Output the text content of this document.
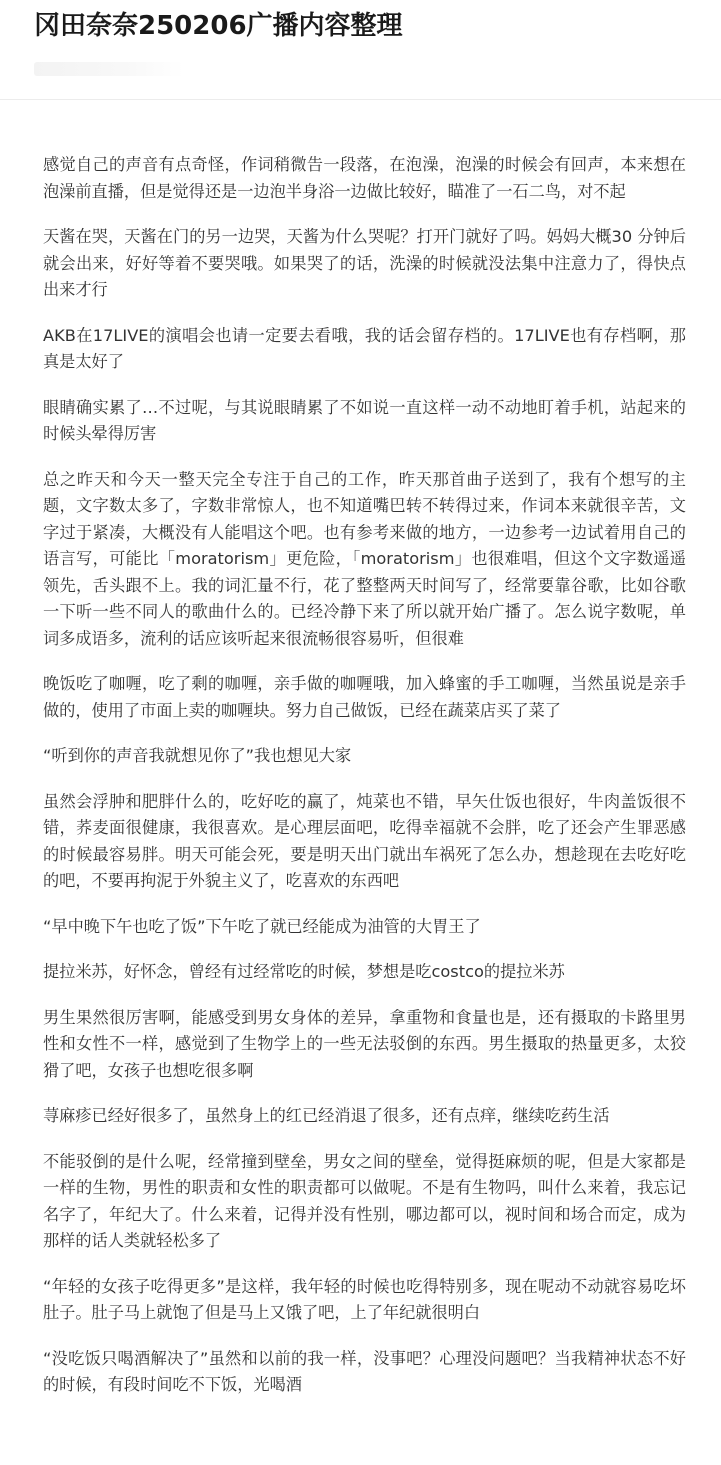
冈田奈奈250206广播内容整理

感觉自己的声音有点奇怪，作词稍微告一段落，在泡澡，泡澡的时候会有回声，本来想在泡澡前直播，但是觉得还是一边泡半身浴一边做比较好，瞄准了一石二鸟，对不起

天酱在哭，天酱在门的另一边哭，天酱为什么哭呢？打开门就好了吗。妈妈大概30 分钟后就会出来，好好等着不要哭哦。如果哭了的话，洗澡的时候就没法集中注意力了，得快点出来才行

AKB在17LIVE的演唱会也请一定要去看哦，我的话会留存档的。17LIVE也有存档啊，那真是太好了

眼睛确实累了…不过呢，与其说眼睛累了不如说一直这样一动不动地盯着手机，站起来的时候头晕得厉害

总之昨天和今天一整天完全专注于自己的工作，昨天那首曲子送到了，我有个想写的主题，文字数太多了，字数非常惊人，也不知道嘴巴转不转得过来，作词本来就很辛苦，文字过于紧凑，大概没有人能唱这个吧。也有参考来做的地方，一边参考一边试着用自己的语言写，可能比「moratorism」更危险，「moratorism」也很难唱，但这个文字数遥遥领先，舌头跟不上。我的词汇量不行，花了整整两天时间写了，经常要靠谷歌，比如谷歌一下听一些不同人的歌曲什么的。已经冷静下来了所以就开始广播了。怎么说字数呢，单词多成语多，流利的话应该听起来很流畅很容易听，但很难

晚饭吃了咖喱，吃了剩的咖喱，亲手做的咖喱哦，加入蜂蜜的手工咖喱，当然虽说是亲手做的，使用了市面上卖的咖喱块。努力自己做饭，已经在蔬菜店买了菜了

“听到你的声音我就想见你了”我也想见大家

虽然会浮肿和肥胖什么的，吃好吃的赢了，炖菜也不错，早矢仕饭也很好，牛肉盖饭很不错，荞麦面很健康，我很喜欢。是心理层面吧，吃得幸福就不会胖，吃了还会产生罪恶感的时候最容易胖。明天可能会死，要是明天出门就出车祸死了怎么办，想趁现在去吃好吃的吧，不要再拘泥于外貌主义了，吃喜欢的东西吧

“早中晚下午也吃了饭”下午吃了就已经能成为油管的大胃王了

提拉米苏，好怀念，曾经有过经常吃的时候，梦想是吃costco的提拉米苏

男生果然很厉害啊，能感受到男女身体的差异，拿重物和食量也是，还有摄取的卡路里男性和女性不一样，感觉到了生物学上的一些无法驳倒的东西。男生摄取的热量更多，太狡猾了吧，女孩子也想吃很多啊

荨麻疹已经好很多了，虽然身上的红已经消退了很多，还有点痒，继续吃药生活

不能驳倒的是什么呢，经常撞到壁垒，男女之间的壁垒，觉得挺麻烦的呢，但是大家都是一样的生物，男性的职责和女性的职责都可以做呢。不是有生物吗，叫什么来着，我忘记名字了，年纪大了。什么来着，记得并没有性别，哪边都可以，视时间和场合而定，成为那样的话人类就轻松多了

“年轻的女孩子吃得更多”是这样，我年轻的时候也吃得特别多，现在呢动不动就容易吃坏肚子。肚子马上就饱了但是马上又饿了吧，上了年纪就很明白

“没吃饭只喝酒解决了”虽然和以前的我一样，没事吧？心理没问题吧？当我精神状态不好的时候，有段时间吃不下饭，光喝酒
